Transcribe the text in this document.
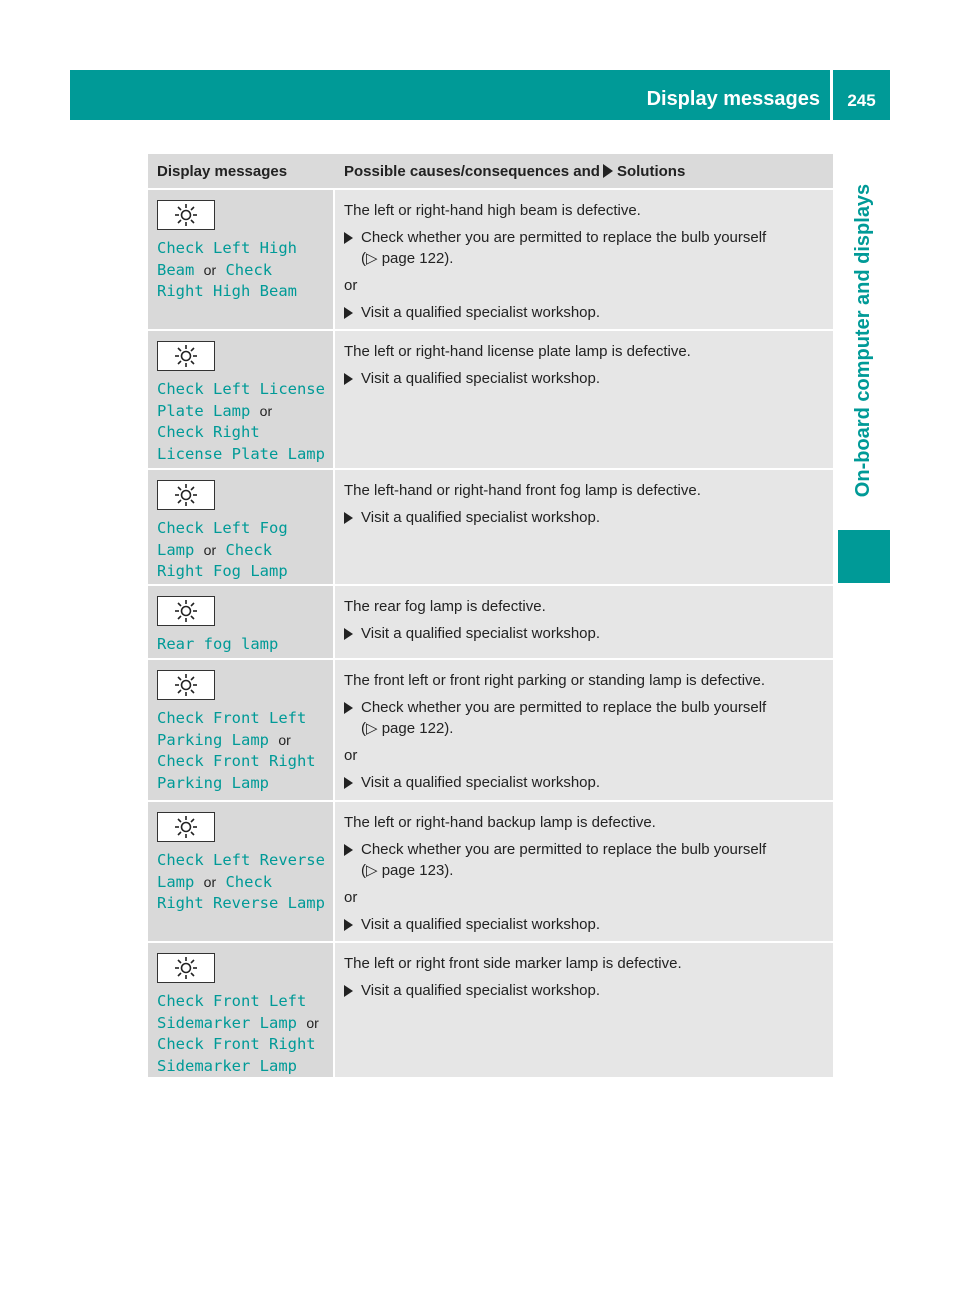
Display messages	245
On-board computer and displays
Display messages	Possible causes/consequences and Solutions
Check Left High Beam or Check Right High Beam

The left or right-hand high beam is defective.

Check whether you are permitted to replace the bulb yourself
(▷ page 122).

or

Visit a qualified specialist workshop.
Check Left License Plate Lamp or Check Right License Plate Lamp

The left or right-hand license plate lamp is defective.

Visit a qualified specialist workshop.
Check Left Fog Lamp or Check Right Fog Lamp

The left-hand or right-hand front fog lamp is defective.

Visit a qualified specialist workshop.
Rear fog lamp

The rear fog lamp is defective.

Visit a qualified specialist workshop.
Check Front Left Parking Lamp or Check Front Right Parking Lamp

The front left or front right parking or standing lamp is defective.

Check whether you are permitted to replace the bulb yourself
(▷ page 122).

or

Visit a qualified specialist workshop.
Check Left Reverse Lamp or Check Right Reverse Lamp

The left or right-hand backup lamp is defective.

Check whether you are permitted to replace the bulb yourself
(▷ page 123).

or

Visit a qualified specialist workshop.
Check Front Left Sidemarker Lamp or Check Front Right Sidemarker Lamp

The left or right front side marker lamp is defective.

Visit a qualified specialist workshop.
